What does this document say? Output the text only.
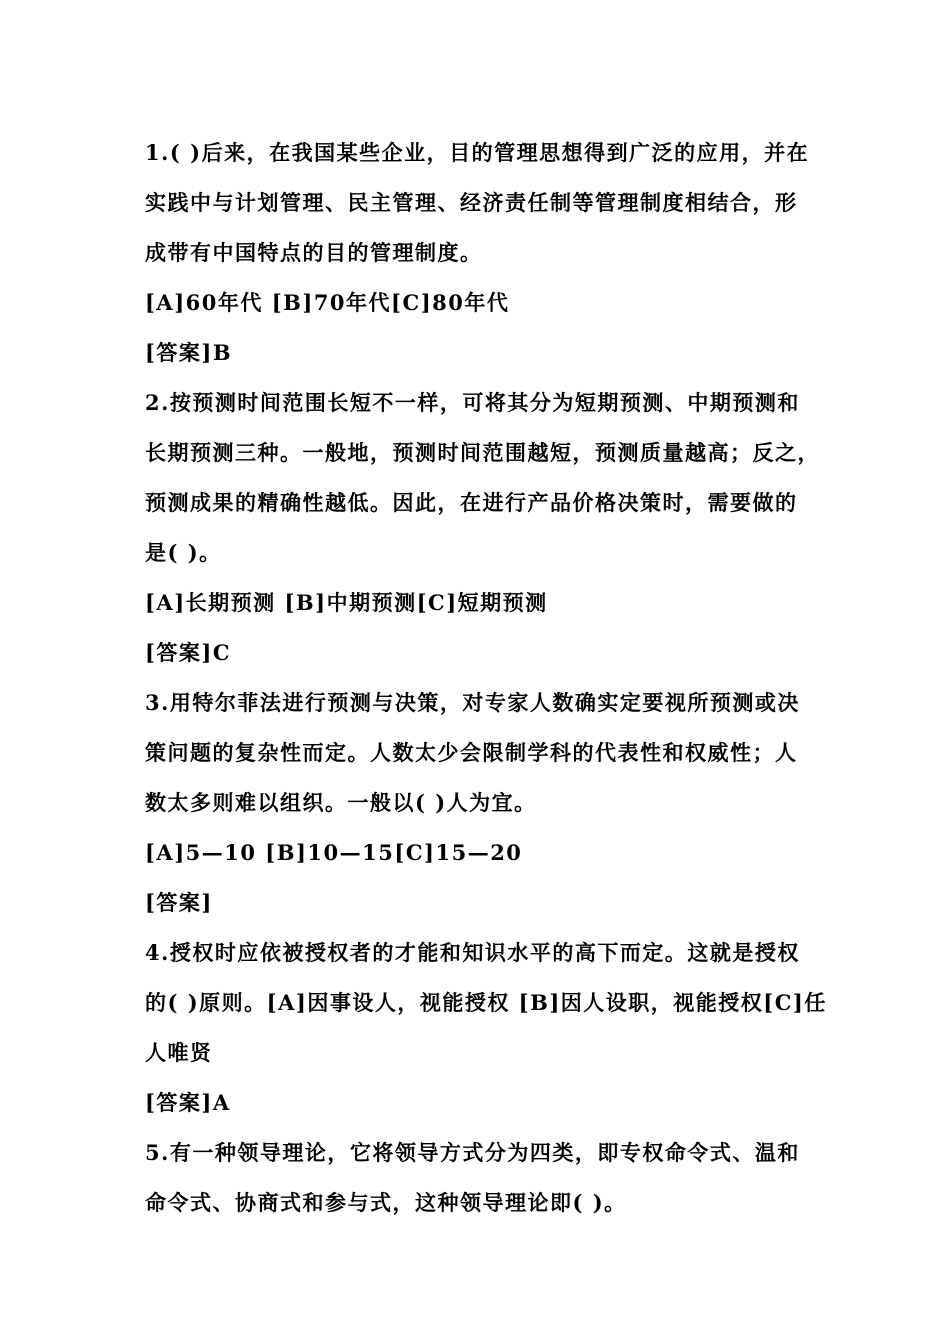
1.( )后来，在我国某些企业，目的管理思想得到广泛的应用，并在
实践中与计划管理、民主管理、经济责任制等管理制度相结合，形
成带有中国特点的目的管理制度。
[A]60年代 [B]70年代[C]80年代
[答案]B
2.按预测时间范围长短不一样，可将其分为短期预测、中期预测和
长期预测三种。一般地，预测时间范围越短，预测质量越高；反之，
预测成果的精确性越低。因此，在进行产品价格决策时，需要做的
是( )。
[A]长期预测 [B]中期预测[C]短期预测
[答案]C
3.用特尔菲法进行预测与决策，对专家人数确实定要视所预测或决
策问题的复杂性而定。人数太少会限制学科的代表性和权威性；人
数太多则难以组织。一般以( )人为宜。
[A]5—10 [B]10—15[C]15—20
[答案]
4.授权时应依被授权者的才能和知识水平的高下而定。这就是授权
的( )原则。[A]因事设人，视能授权 [B]因人设职，视能授权[C]任
人唯贤
[答案]A
5.有一种领导理论，它将领导方式分为四类，即专权命令式、温和
命令式、协商式和参与式，这种领导理论即( )。
